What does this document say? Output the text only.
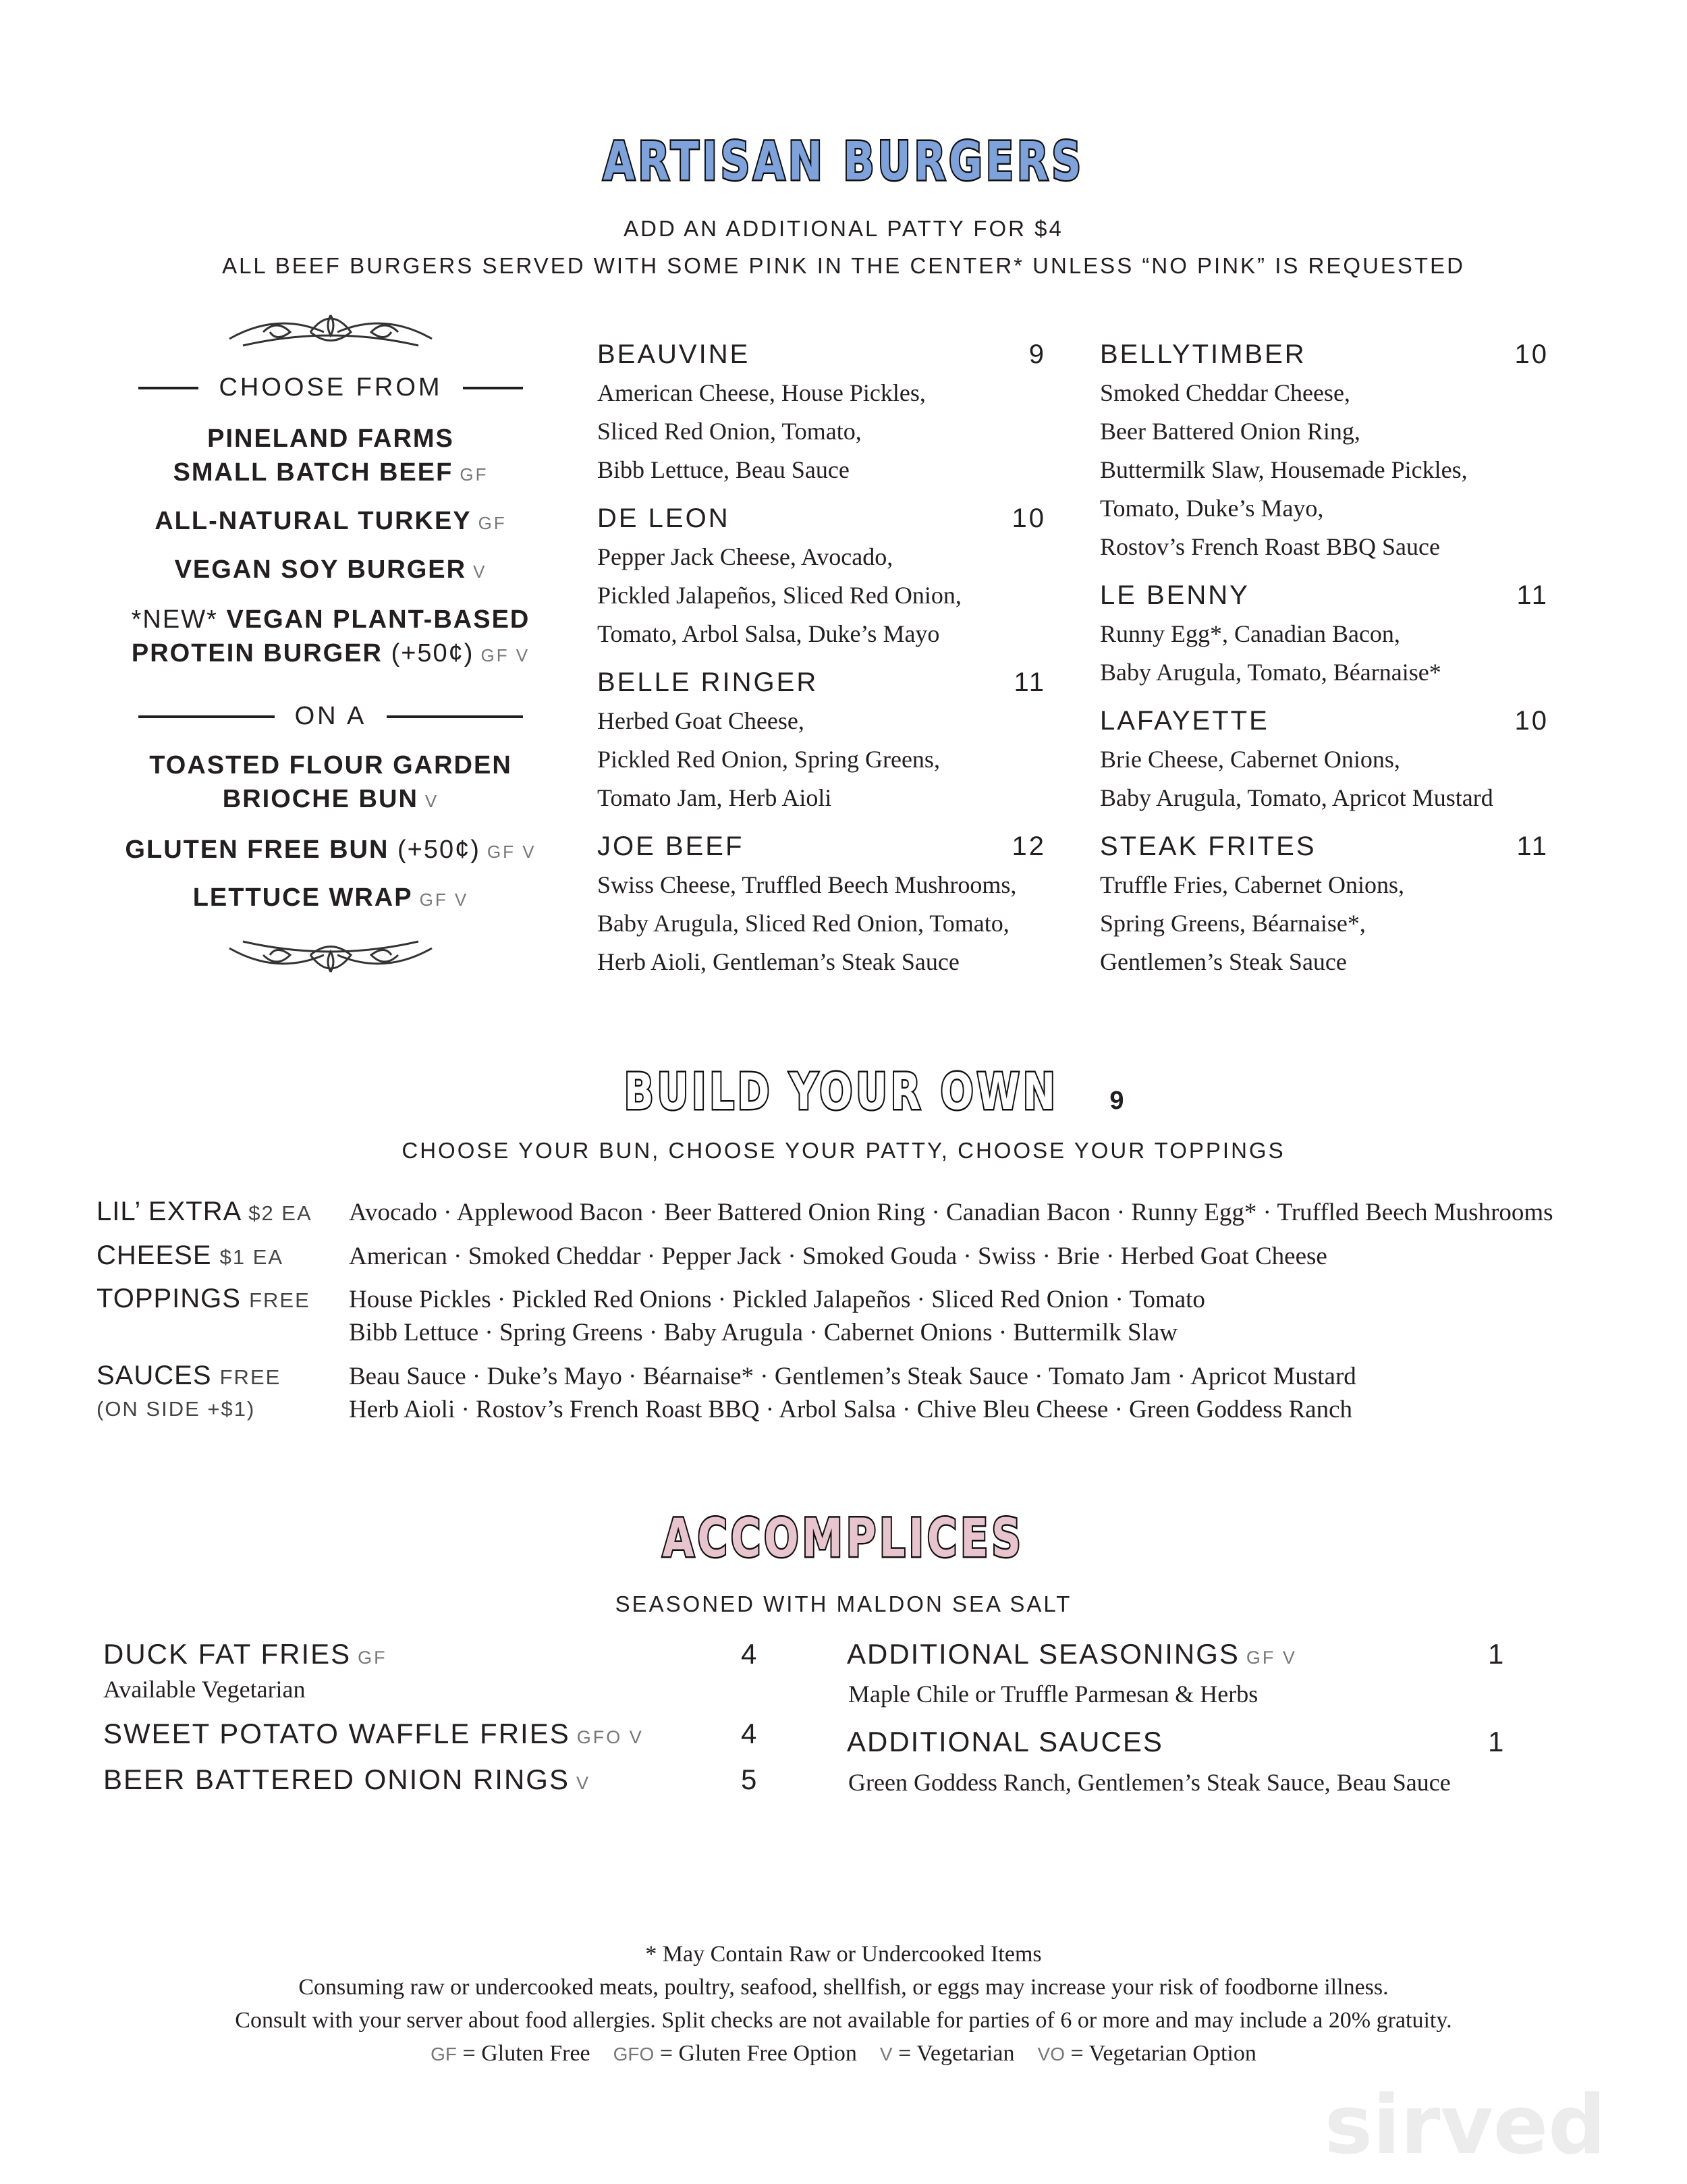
sirved
ARTISAN BURGERS
ADD AN ADDITIONAL PATTY FOR $4
ALL BEEF BURGERS SERVED WITH SOME PINK IN THE CENTER* UNLESS “NO PINK” IS REQUESTED
CHOOSE FROM
PINELAND FARMS
SMALL BATCH BEEF GF
ALL-NATURAL TURKEY GF
VEGAN SOY BURGER V
*NEW* VEGAN PLANT-BASED
PROTEIN BURGER (+50¢) GF V
ON A
TOASTED FLOUR GARDEN
BRIOCHE BUN V
GLUTEN FREE BUN (+50¢) GF V
LETTUCE WRAP GF V
BEAUVINE	9
American Cheese, House Pickles,
Sliced Red Onion, Tomato,
Bibb Lettuce, Beau Sauce
DE LEON	10
Pepper Jack Cheese, Avocado,
Pickled Jalapeños, Sliced Red Onion,
Tomato, Arbol Salsa, Duke’s Mayo
BELLE RINGER	11
Herbed Goat Cheese,
Pickled Red Onion, Spring Greens,
Tomato Jam, Herb Aioli
JOE BEEF	12
Swiss Cheese, Truffled Beech Mushrooms,
Baby Arugula, Sliced Red Onion, Tomato,
Herb Aioli, Gentleman’s Steak Sauce
BELLYTIMBER	10
Smoked Cheddar Cheese,
Beer Battered Onion Ring,
Buttermilk Slaw, Housemade Pickles,
Tomato, Duke’s Mayo,
Rostov’s French Roast BBQ Sauce
LE BENNY	11
Runny Egg*, Canadian Bacon,
Baby Arugula, Tomato, Béarnaise*
LAFAYETTE	10
Brie Cheese, Cabernet Onions,
Baby Arugula, Tomato, Apricot Mustard
STEAK FRITES	11
Truffle Fries, Cabernet Onions,
Spring Greens, Béarnaise*,
Gentlemen’s Steak Sauce
BUILD YOUR OWN 9
CHOOSE YOUR BUN, CHOOSE YOUR PATTY, CHOOSE YOUR TOPPINGS
LIL’ EXTRA $2 EA Avocado · Applewood Bacon · Beer Battered Onion Ring · Canadian Bacon · Runny Egg* · Truffled Beech Mushrooms
CHEESE $1 EA	American · Smoked Cheddar · Pepper Jack · Smoked Gouda · Swiss · Brie · Herbed Goat Cheese
TOPPINGS FREE House Pickles · Pickled Red Onions · Pickled Jalapeños · Sliced Red Onion · Tomato
Bibb Lettuce · Spring Greens · Baby Arugula · Cabernet Onions · Buttermilk Slaw
SAUCES FREE
(ON SIDE +$1)
Beau Sauce · Duke’s Mayo · Béarnaise* · Gentlemen’s Steak Sauce · Tomato Jam · Apricot Mustard
Herb Aioli · Rostov’s French Roast BBQ · Arbol Salsa · Chive Bleu Cheese · Green Goddess Ranch
ACCOMPLICES
SEASONED WITH MALDON SEA SALT
DUCK FAT FRIES GF	4
Available Vegetarian
SWEET POTATO WAFFLE FRIES GFO V	4
BEER BATTERED ONION RINGS V	5
ADDITIONAL SEASONINGS GF V	1
Maple Chile or Truffle Parmesan & Herbs
ADDITIONAL SAUCES	1
Green Goddess Ranch, Gentlemen’s Steak Sauce, Beau Sauce
* May Contain Raw or Undercooked Items
Consuming raw or undercooked meats, poultry, seafood, shellfish, or eggs may increase your risk of foodborne illness.
Consult with your server about food allergies. Split checks are not available for parties of 6 or more and may include a 20% gratuity.
GF = Gluten Free GFO = Gluten Free Option V = Vegetarian VO = Vegetarian Option
